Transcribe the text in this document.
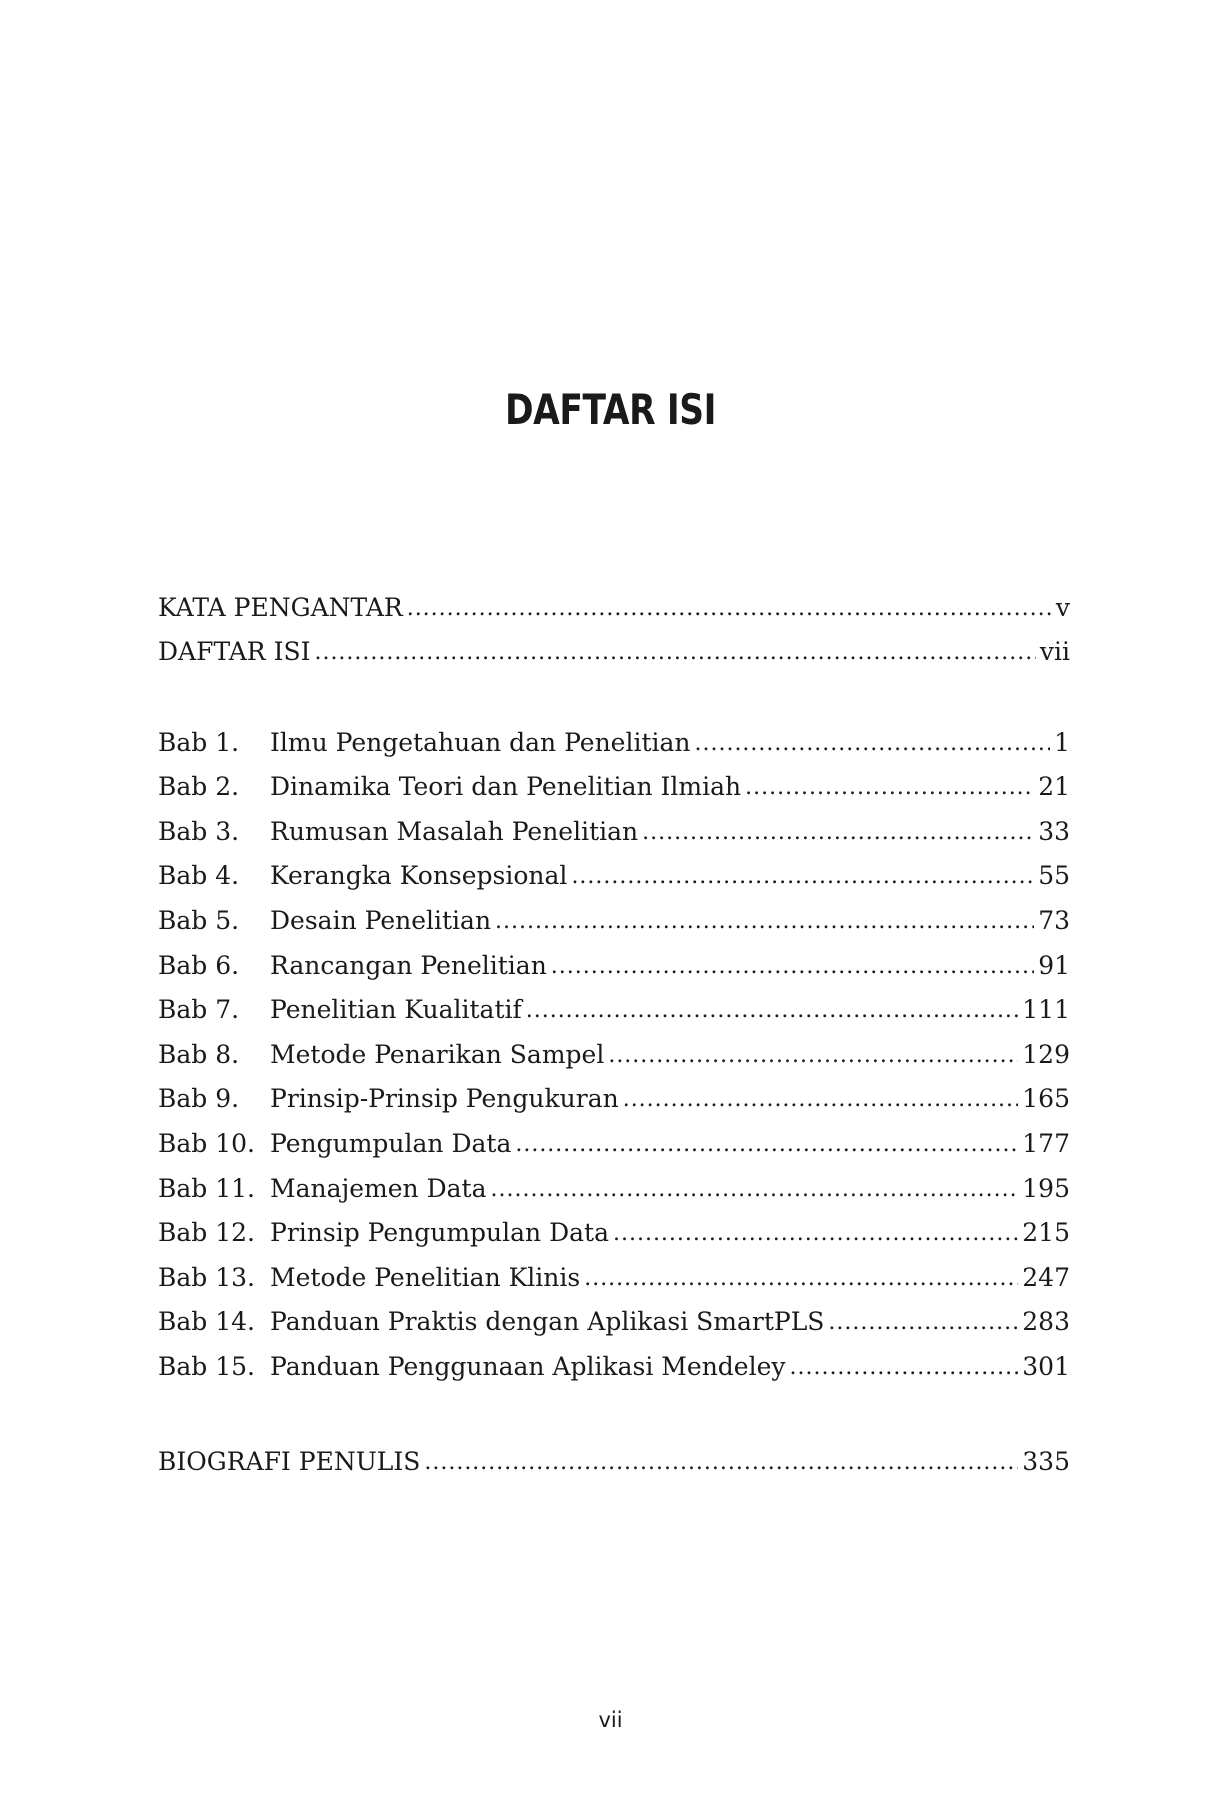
DAFTAR ISI
KATA PENGANTAR . . .	v
DAFTAR ISI . . .	vii
Bab 1.	Ilmu Pengetahuan dan Penelitian . . .	1
Bab 2.	Dinamika Teori dan Penelitian Ilmiah . . .	21
Bab 3.	Rumusan Masalah Penelitian . . .	33
Bab 4.	Kerangka Konsepsional . . .	55
Bab 5.	Desain Penelitian . . .	73
Bab 6.	Rancangan Penelitian . . .	91
Bab 7.	Penelitian Kualitatif . . .	111
Bab 8.	Metode Penarikan Sampel . . .	129
Bab 9.	Prinsip-Prinsip Pengukuran . . .	165
Bab 10. Pengumpulan Data . . .	177
Bab 11. Manajemen Data . . .	195
Bab 12. Prinsip Pengumpulan Data . . .	215
Bab 13. Metode Penelitian Klinis . . .	247
Bab 14. Panduan Praktis dengan Aplikasi SmartPLS . . .	283
Bab 15. Panduan Penggunaan Aplikasi Mendeley . . .	301
BIOGRAFI PENULIS . . .	335
vii
